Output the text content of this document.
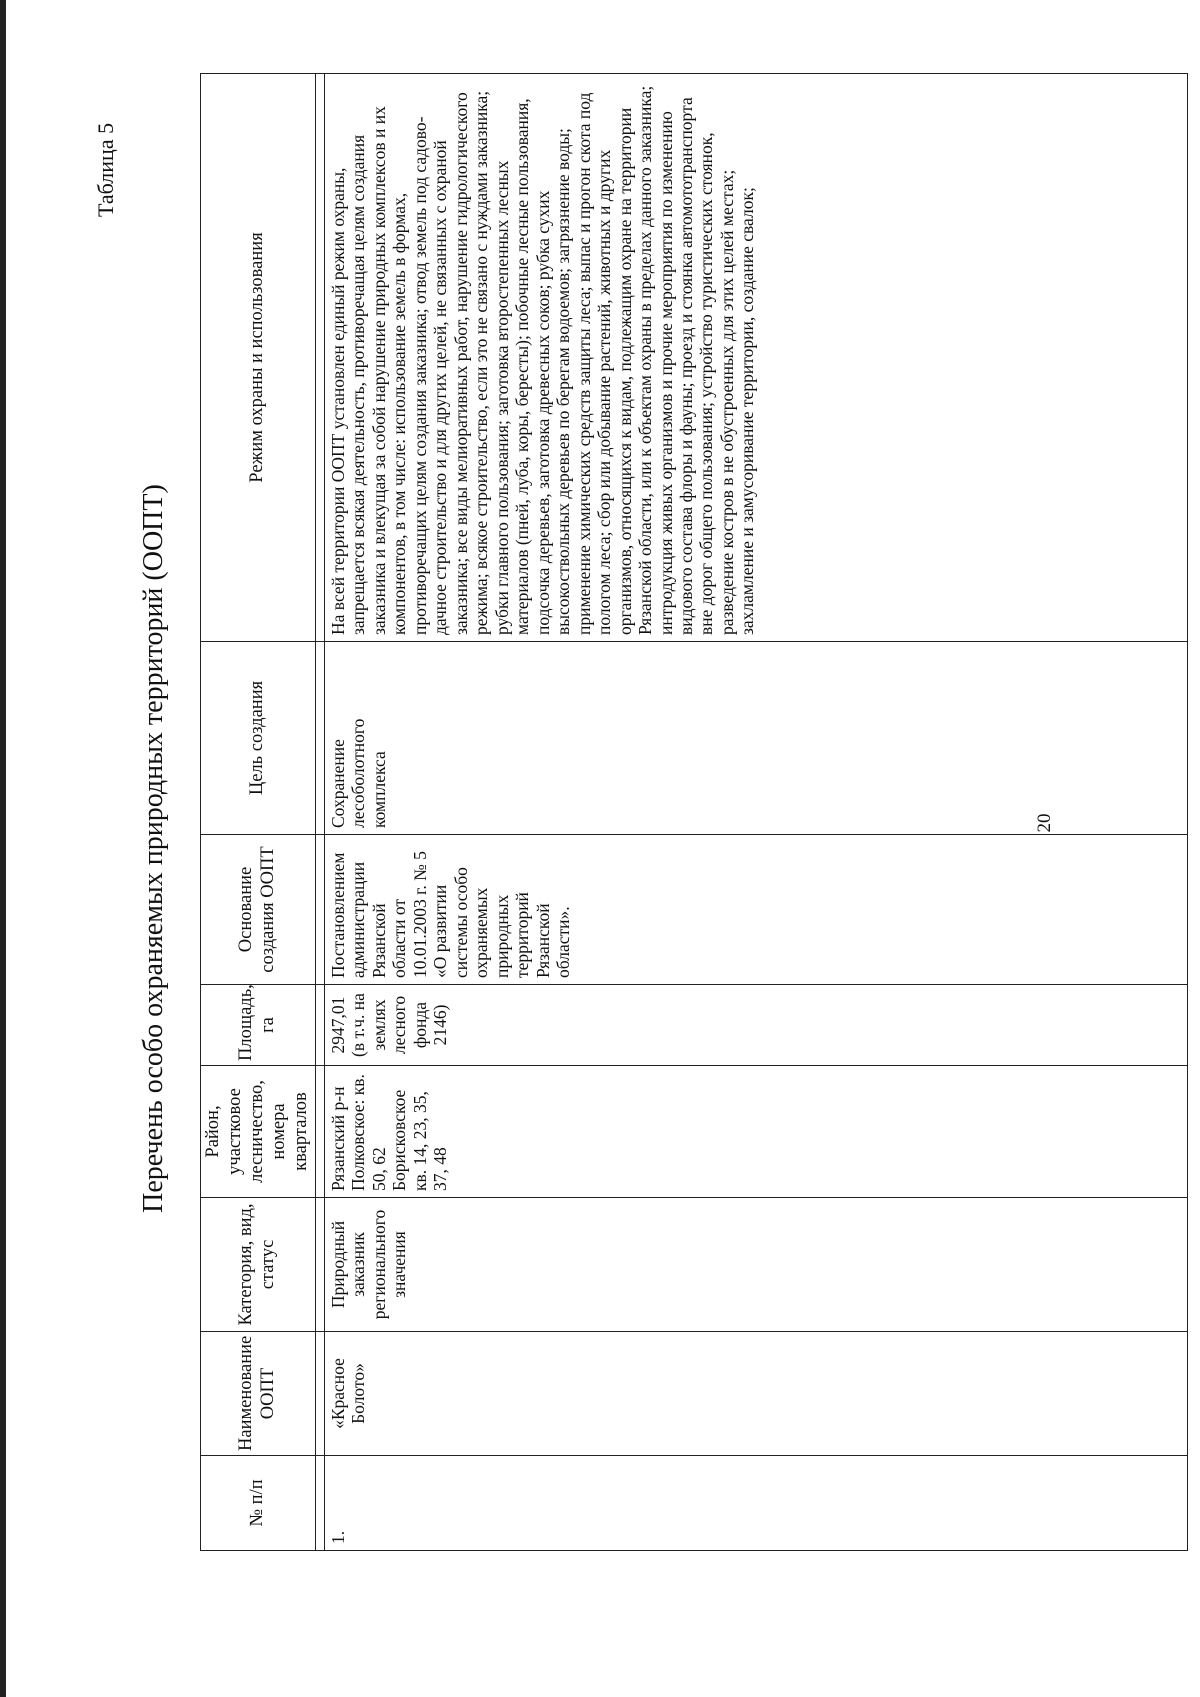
20
Таблица 5
Перечень особо охраняемых природных территорий (ООПТ)
№ п/п	Наименование ООПТ	Категория, вид, статус	Район, участковое лесничество, номера кварталов	Площадь, га	Основание создания ООПТ	Цель создания	Режим охраны и использования

1.	«Красное Болото»	Природный заказник регионального значения	Рязанский р-н Полковское: кв. 50, 62 Борисковское кв. 14, 23, 35, 37, 48	2947,01 (в т.ч. на землях лесного фонда 2146)	Постановлением администрации Рязанской области от 10.01.2003 г. № 5 «О развитии системы особо охраняемых природных территорий Рязанской области».	Сохранение лесоболотного комплекса	На всей территории ООПТ установлен единый режим охраны, запрещается всякая деятельность, противоречащая целям создания заказника и влекущая за собой нарушение природных комплексов и их компонентов, в том числе: использование земель в формах, противоречащих целям создания заказника; отвод земель под садово-дачное строительство и для других целей, не связанных с охраной заказника; все виды мелиоративных работ, нарушение гидрологического режима; всякое строительство, если это не связано с нуждами заказника; рубки главного пользования; заготовка второстепенных лесных материалов (пней, луба, коры, бересты); побочные лесные пользования, подсочка деревьев, заготовка древесных соков; рубка сухих высокоствольных деревьев по берегам водоемов; загрязнение воды; применение химических средств защиты леса; выпас и прогон скота под пологом леса; сбор или добывание растений, животных и других организмов, относящихся к видам, подлежащим охране на территории Рязанской области, или к объектам охраны в пределах данного заказника; интродукция живых организмов и прочие мероприятия по изменению видового состава флоры и фауны; проезд и стоянка автомототранспорта вне дорог общего пользования; устройство туристических стоянок, разведение костров в не обустроенных для этих целей местах; захламление и замусоривание территории, создание свалок;
